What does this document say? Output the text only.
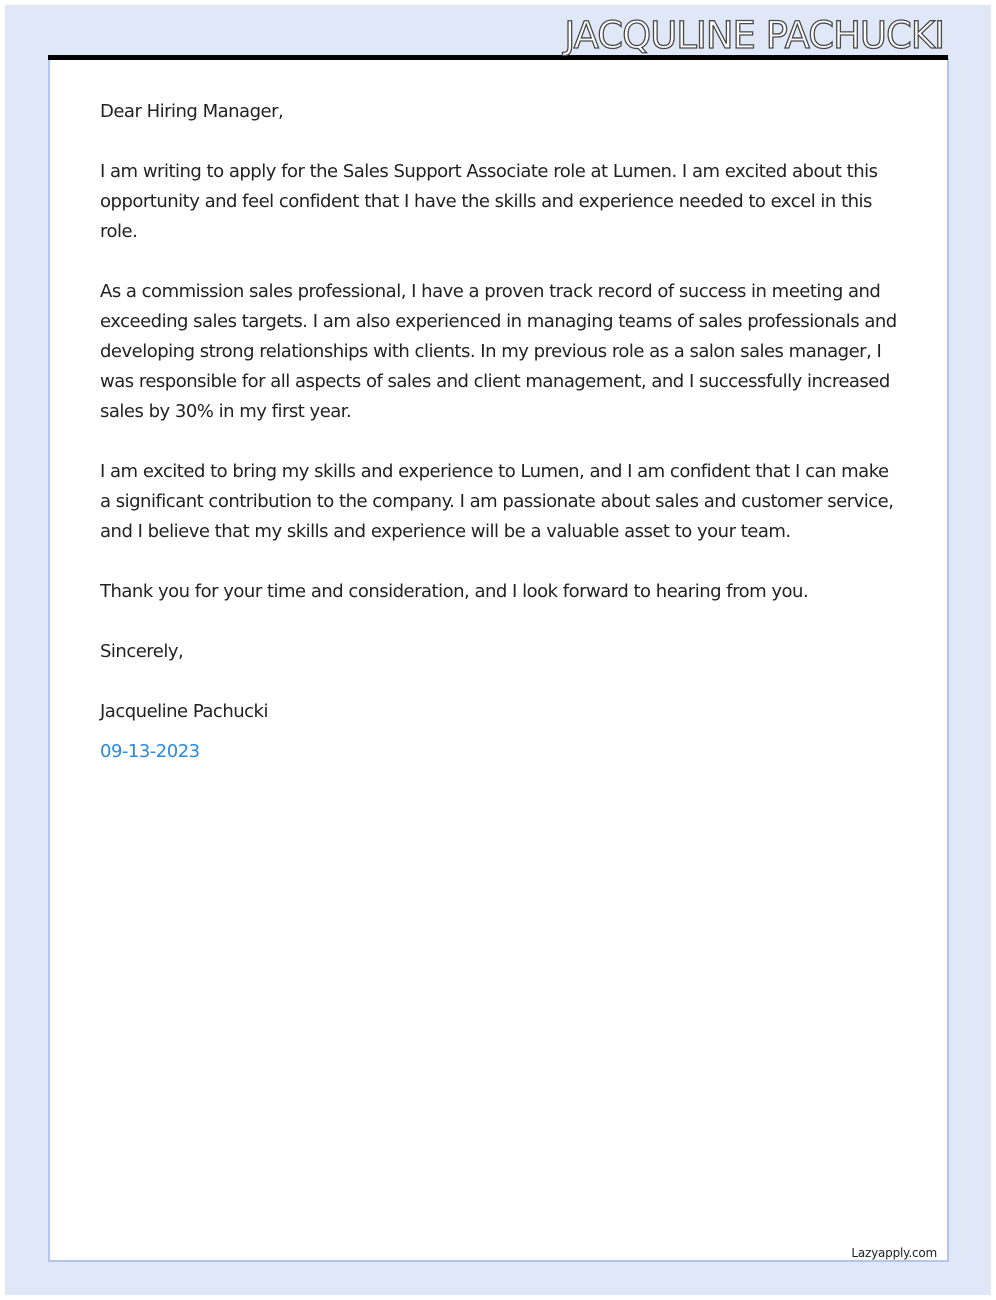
JACQULINE PACHUCKI

Dear Hiring Manager,

I am writing to apply for the Sales Support Associate role at Lumen. I am excited about this opportunity and feel confident that I have the skills and experience needed to excel in this role.

As a commission sales professional, I have a proven track record of success in meeting and exceeding sales targets. I am also experienced in managing teams of sales professionals and developing strong relationships with clients. In my previous role as a salon sales manager, I was responsible for all aspects of sales and client management, and I successfully increased sales by 30% in my first year.

I am excited to bring my skills and experience to Lumen, and I am confident that I can make a significant contribution to the company. I am passionate about sales and customer service, and I believe that my skills and experience will be a valuable asset to your team.

Thank you for your time and consideration, and I look forward to hearing from you.

Sincerely,

Jacqueline Pachucki

09-13-2023

Lazyapply.com
